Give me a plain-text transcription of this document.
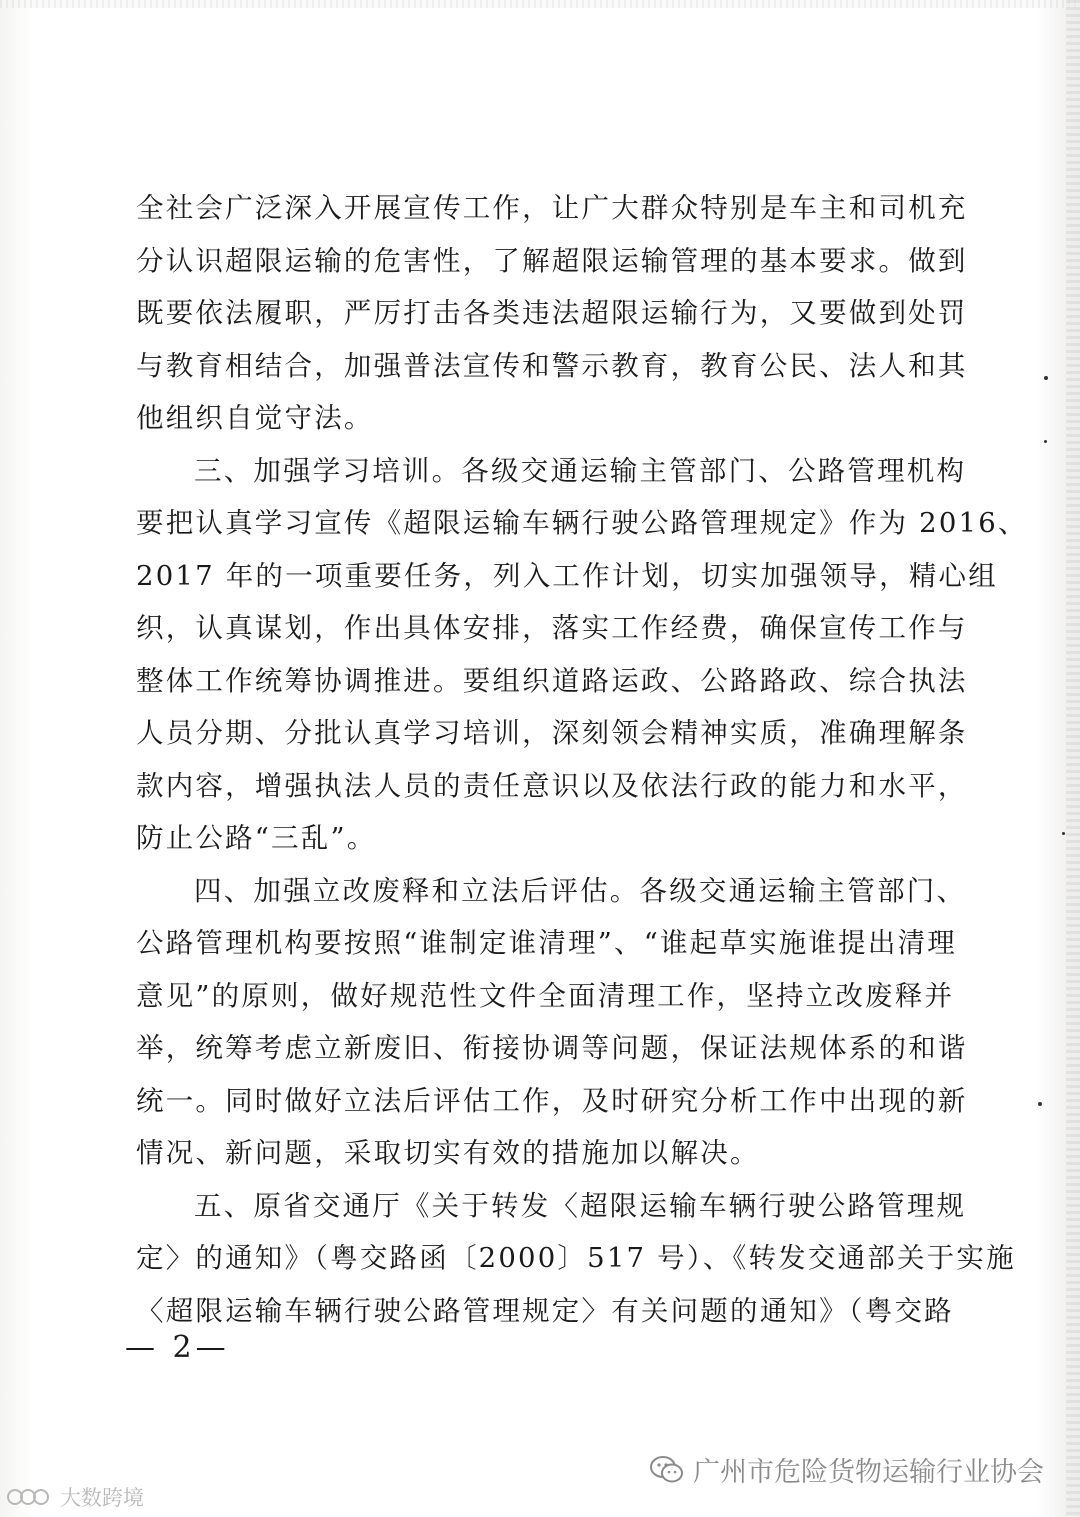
全社会广泛深入开展宣传工作，让广大群众特别是车主和司机充
分认识超限运输的危害性，了解超限运输管理的基本要求。做到
既要依法履职，严厉打击各类违法超限运输行为，又要做到处罚
与教育相结合，加强普法宣传和警示教育，教育公民、法人和其
他组织自觉守法。
三、加强学习培训。各级交通运输主管部门、公路管理机构
要把认真学习宣传《超限运输车辆行驶公路管理规定》作为 2016、
2017 年的一项重要任务，列入工作计划，切实加强领导，精心组
织，认真谋划，作出具体安排，落实工作经费，确保宣传工作与
整体工作统筹协调推进。要组织道路运政、公路路政、综合执法
人员分期、分批认真学习培训，深刻领会精神实质，准确理解条
款内容，增强执法人员的责任意识以及依法行政的能力和水平，
防止公路“三乱”。
四、加强立改废释和立法后评估。各级交通运输主管部门、
公路管理机构要按照“谁制定谁清理”、“谁起草实施谁提出清理
意见”的原则，做好规范性文件全面清理工作，坚持立改废释并
举，统筹考虑立新废旧、衔接协调等问题，保证法规体系的和谐
统一。同时做好立法后评估工作，及时研究分析工作中出现的新
情况、新问题，采取切实有效的措施加以解决。
五、原省交通厅《关于转发〈超限运输车辆行驶公路管理规
定〉的通知》（粤交路函〔2000〕517 号）、《转发交通部关于实施
〈超限运输车辆行驶公路管理规定〉有关问题的通知》（粤交路
— 2—
广州市危险货物运输行业协会
大数跨境
